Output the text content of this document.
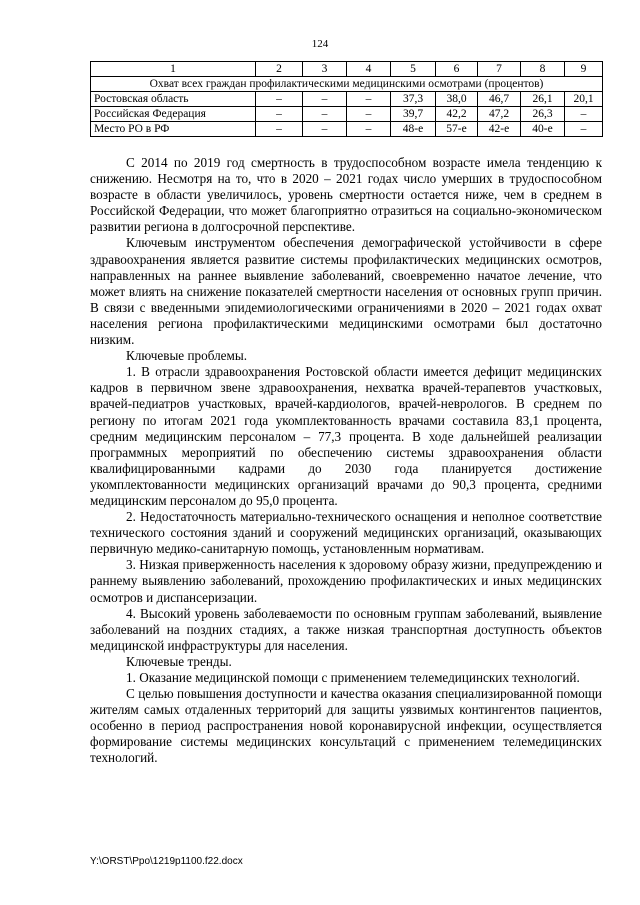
124
1	2	3	4	5	6	7	8	9
Охват всех граждан профилактическими медицинскими осмотрами (процентов)								
Ростовская область	–	–	–	37,3	38,0	46,7	26,1	20,1
Российская Федерация	–	–	–	39,7	42,2	47,2	26,3	–
Место РО в РФ	–	–	–	48-е	57-е	42-е	40-е	–

С 2014 по 2019 год смертность в трудоспособном возрасте имела тенденцию к снижению. Несмотря на то, что в 2020 – 2021 годах число умерших в трудоспособном возрасте в области увеличилось, уровень смертности остается ниже, чем в среднем в Российской Федерации, что может благоприятно отразиться на социально-экономическом развитии региона в долгосрочной перспективе.

Ключевым инструментом обеспечения демографической устойчивости в сфере здравоохранения является развитие системы профилактических медицинских осмотров, направленных на раннее выявление заболеваний, своевременно начатое лечение, что может влиять на снижение показателей смертности населения от основных групп причин. В связи с введенными эпидемиологическими ограничениями в 2020 – 2021 годах охват населения региона профилактическими медицинскими осмотрами был достаточно низким.

Ключевые проблемы.

1. В отрасли здравоохранения Ростовской области имеется дефицит медицинских кадров в первичном звене здравоохранения, нехватка врачей-терапевтов участковых, врачей-педиатров участковых, врачей-кардиологов, врачей-неврологов. В среднем по региону по итогам 2021 года укомплектованность врачами составила 83,1 процента, средним медицинским персоналом – 77,3 процента. В ходе дальнейшей реализации программных мероприятий по обеспечению системы здравоохранения области квалифицированными кадрами до 2030 года планируется достижение укомплектованности медицинских организаций врачами до 90,3 процента, средними медицинским персоналом до 95,0 процента.

2. Недостаточность материально-технического оснащения и неполное соответствие технического состояния зданий и сооружений медицинских организаций, оказывающих первичную медико-санитарную помощь, установленным нормативам.

3. Низкая приверженность населения к здоровому образу жизни, предупреждению и раннему выявлению заболеваний, прохождению профилактических и иных медицинских осмотров и диспансеризации.

4. Высокий уровень заболеваемости по основным группам заболеваний, выявление заболеваний на поздних стадиях, а также низкая транспортная доступность объектов медицинской инфраструктуры для населения.

Ключевые тренды.

1. Оказание медицинской помощи с применением телемедицинских технологий.

С целью повышения доступности и качества оказания специализированной помощи жителям самых отдаленных территорий для защиты уязвимых контингентов пациентов, особенно в период распространения новой коронавирусной инфекции, осуществляется формирование системы медицинских консультаций с применением телемедицинских технологий.

Y:\ORST\Ppo\1219p1100.f22.docx
